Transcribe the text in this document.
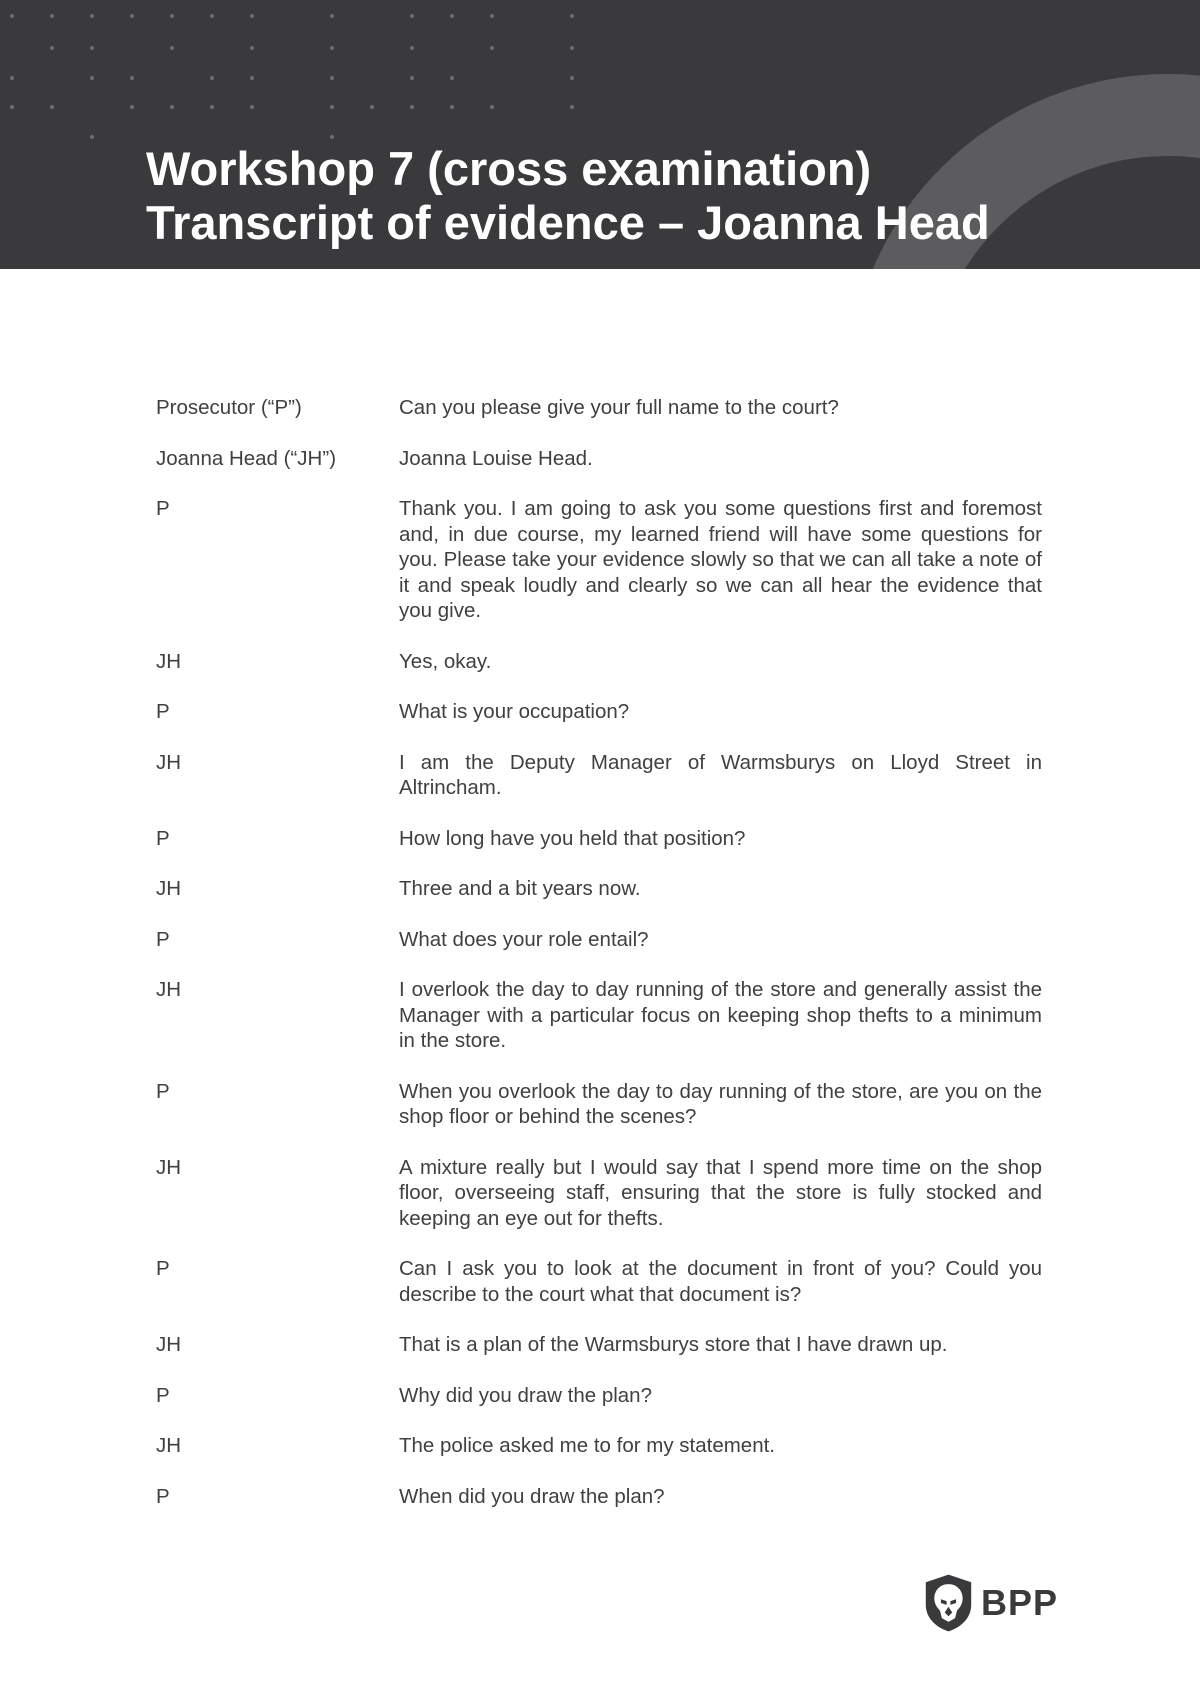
Workshop 7 (cross examination)
Transcript of evidence – Joanna Head
Prosecutor (“P”)	Can you please give your full name to the court?
Joanna Head (“JH”)	Joanna Louise Head.
P	Thank you. I am going to ask you some questions first and foremost and, in due course, my learned friend will have some questions for you. Please take your evidence slowly so that we can all take a note of it and speak loudly and clearly so we can all hear the evidence that you give.
JH	Yes, okay.
P	What is your occupation?
JH	I am the Deputy Manager of Warmsburys on Lloyd Street in Altrincham.
P	How long have you held that position?
JH	Three and a bit years now.
P	What does your role entail?
JH	I overlook the day to day running of the store and generally assist the Manager with a particular focus on keeping shop thefts to a minimum in the store.
P	When you overlook the day to day running of the store, are you on the shop floor or behind the scenes?
JH	A mixture really but I would say that I spend more time on the shop floor, overseeing staff, ensuring that the store is fully stocked and keeping an eye out for thefts.
P	Can I ask you to look at the document in front of you? Could you describe to the court what that document is?
JH	That is a plan of the Warmsburys store that I have drawn up.
P	Why did you draw the plan?
JH	The police asked me to for my statement.
P	When did you draw the plan?
BPP
